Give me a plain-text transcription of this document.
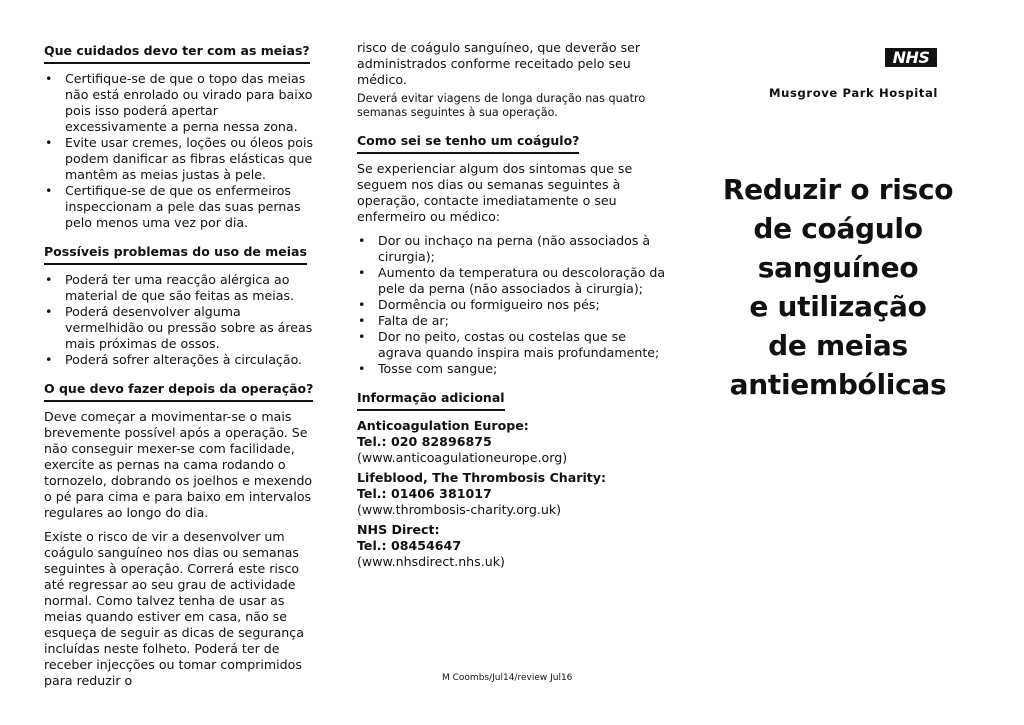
Que cuidados devo ter com as meias?
• Certifique-se de que o topo das meias não está enrolado ou virado para baixo pois isso poderá apertar excessivamente a perna nessa zona.
• Evite usar cremes, loções ou óleos pois podem danificar as fibras elásticas que mantêm as meias justas à pele.
• Certifique-se de que os enfermeiros inspeccionam a pele das suas pernas pelo menos uma vez por dia.
Possíveis problemas do uso de meias
• Poderá ter uma reacção alérgica ao material de que são feitas as meias.
• Poderá desenvolver alguma vermelhidão ou pressão sobre as áreas mais próximas de ossos.
• Poderá sofrer alterações à circulação.
O que devo fazer depois da operação?

Deve começar a movimentar-se o mais brevemente possível após a operação. Se não conseguir mexer-se com facilidade, exercite as pernas na cama rodando o tornozelo, dobrando os joelhos e mexendo o pé para cima e para baixo em intervalos regulares ao longo do dia.

Existe o risco de vir a desenvolver um coágulo sanguíneo nos dias ou semanas seguintes à operação. Correrá este risco até regressar ao seu grau de actividade normal. Como talvez tenha de usar as meias quando estiver em casa, não se esqueça de seguir as dicas de segurança incluídas neste folheto. Poderá ter de receber injecções ou tomar comprimidos para reduzir o

risco de coágulo sanguíneo, que deverão ser administrados conforme receitado pelo seu médico.

Deverá evitar viagens de longa duração nas quatro semanas seguintes à sua operação.

Como sei se tenho um coágulo?

Se experienciar algum dos sintomas que se seguem nos dias ou semanas seguintes à operação, contacte imediatamente o seu enfermeiro ou médico:

• Dor ou inchaço na perna (não associados à cirurgia);
• Aumento da temperatura ou descoloração da pele da perna (não associados à cirurgia);
• Dormência ou formigueiro nos pés;
• Falta de ar;
• Dor no peito, costas ou costelas que se agrava quando inspira mais profundamente;
• Tosse com sangue;
Informação adicional

Anticoagulation Europe:

Tel.: 020 82896875

(www.anticoagulationeurope.org)

Lifeblood, The Thrombosis Charity:

Tel.: 01406 381017

(www.thrombosis-charity.org.uk)

NHS Direct:

Tel.: 08454647

(www.nhsdirect.nhs.uk)

NHS
Musgrove Park Hospital
Reduzir o risco
de coágulo
sanguíneo
e utilização
de meias
antiembólicas
M Coombs/Jul14/review Jul16
